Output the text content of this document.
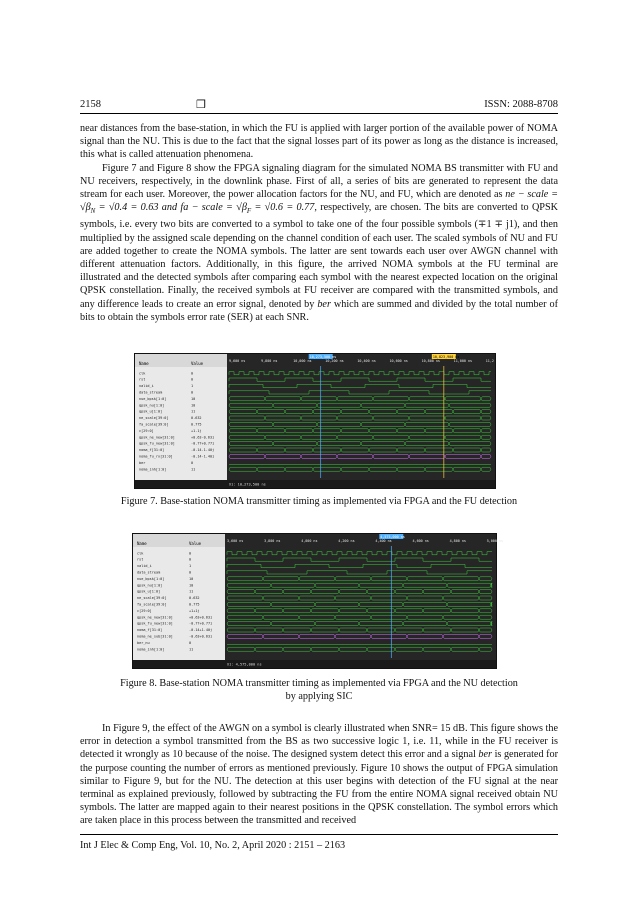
2158	❒	ISSN: 2088-8708

near distances from the base-station, in which the FU is applied with larger portion of the available power of NOMA signal than the NU. This is due to the fact that the signal losses part of its power as long as the distance is increased, this what is called attenuation phenomena.

Figure 7 and Figure 8 show the FPGA signaling diagram for the simulated NOMA BS transmitter with FU and NU receivers, respectively, in the downlink phase. First of all, a series of bits are generated to represent the data stream for each user. Moreover, the power allocation factors for the NU, and FU, which are denoted as ne − scale = $√\beta_N = √0.4 = 0.63$ and fa − scale = $√\beta_F = √0.6 = 0.77$, respectively, are chosen. The bits are converted to QPSK symbols, i.e. every two bits are converted to a symbol to take one of the four possible symbols (∓1 ∓ j1), and then multiplied by the assigned scale depending on the channel condition of each user. The scaled symbols of NU and FU are added together to create the NOMA symbols. The latter are sent towards each user over AWGN channel with different attenuation factors. Additionally, in this figure, the arrived NOMA symbols at the FU terminal are illustrated and the detected symbols after comparing each symbol with the nearest expected location on the original QPSK constellation. Finally, the received symbols at FU receiver are compared with the transmitted symbols, and any difference leads to create an error signal, denoted by ber which are summed and divided by the total number of bits to obtain the symbols error rate (SER) at each SNR.

Name	Value	9,600 ns	9,800 ns	10,000 ns	10,200 ns	10,400 ns	10,600 ns	10,800 ns	11,000 ns	11,2
clk	0
rst	0
valid_i	1
data_stream	0
nue_bpsk[1:0]	10
qpsk_nu[1:0]	10
qpsk_u[1:0]	11
ne_scale[39:0]	0.632
fa_scale[39:0]	0.775
c[29:0]	+1-1j
qpsk_ne_new[31:0]	+0.63-0.63j
qpsk_fu_new[31:0]	-0.77+0.77j
noma_f[31:0]	-0.14-1.40j
noma_fu_rx[31:0]	-0.14-1.40j
ber	0
noma_inh[1:0]	11
10,273,500 ns	10,823,900 ns
X1: 10,273,500 ns
Figure 7. Base-station NOMA transmitter timing as implemented via FPGA and the FU detection
Name	Value	3,600 ns	3,800 ns	4,000 ns	4,200 ns	4,400 ns	4,600 ns	4,800 ns	5,000 ns
clk	0
rst	0
valid_i	1
data_stream	0
nue_bpsk[1:0]	10
qpsk_nu[1:0]	10
qpsk_u[1:0]	11
ne_scale[39:0]	0.632
fa_scale[39:0]	0.775
c[29:0]	+1+1j
qpsk_ne_new[31:0]	+0.63+0.63j
qpsk_fu_new[31:0]	-0.77+0.77j
noma_f[31:0]	-0.14+1.40j
noma_ne_sub[31:0]	-0.63+0.63j
ber_nu	0
noma_inh[1:0]	11
4,575,000 ns
X1: 4,575,000 ns
Figure 8. Base-station NOMA transmitter timing as implemented via FPGA and the NU detection
by applying SIC

In Figure 9, the effect of the AWGN on a symbol is clearly illustrated when SNR= 15 dB. This figure shows the error in detection a symbol transmitted from the BS as two successive logic 1, i.e. 11, while in the FU receiver is detected it wrongly as 10 because of the noise. The designed system detect this error and a signal ber is generated for the purpose counting the number of errors as mentioned previously. Figure 10 shows the output of FPGA simulation similar to Figure 9, but for the NU. The detection at this user begins with detection of the FU signal at the near terminal as explained previously, followed by subtracting the FU from the entire NOMA signal received obtain NU symbols. The latter are mapped again to their nearest positions in the QPSK constellation. The symbol errors which are taken place in this process between the transmitted and received

Int J Elec & Comp Eng, Vol. 10, No. 2, April 2020 : 2151 – 2163
